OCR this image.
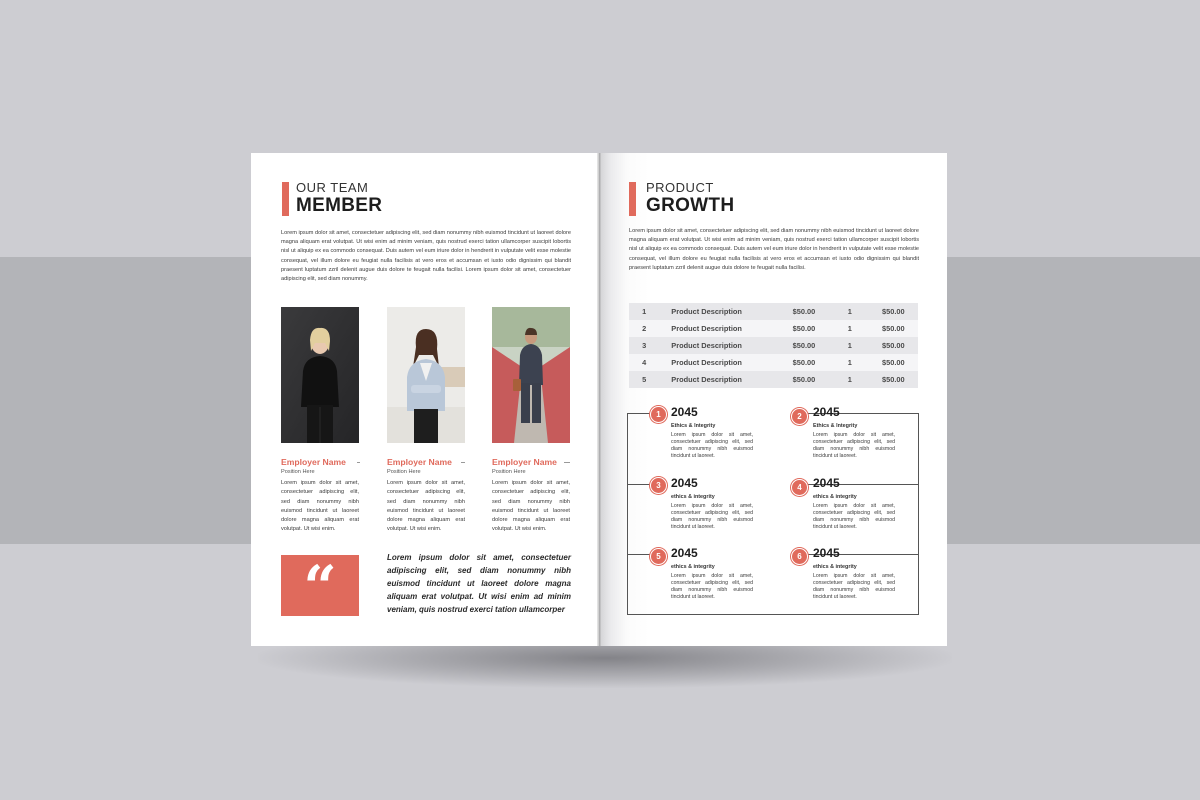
OUR TEAM
MEMBER
Lorem ipsum dolor sit amet, consectetuer adipiscing elit, sed diam nonummy nibh euismod tincidunt ut laoreet dolore magna aliquam erat volutpat. Ut wisi enim ad minim veniam, quis nostrud exerci tation ullamcorper suscipit lobortis nisl ut aliquip ex ea commodo consequat. Duis autem vel eum iriure dolor in hendrerit in vulputate velit esse molestie consequat, vel illum dolore eu feugiat nulla facilisis at vero eros et accumsan et iusto odio dignissim qui blandit praesent luptatum zzril delenit augue duis dolore te feugait nulla facilisi. Lorem ipsum dolor sit amet, consectetuer adipiscing elit, sed diam nonummy.
Employer Name
Position Here
Lorem ipsum dolor sit amet, consectetuer adipiscing elit, sed diam nonummy nibh euismod tincidunt ut laoreet dolore magna aliquam erat volutpat. Ut wisi enim.
Employer Name
Position Here
Lorem ipsum dolor sit amet, consectetuer adipiscing elit, sed diam nonummy nibh euismod tincidunt ut laoreet dolore magna aliquam erat volutpat. Ut wisi enim.
Employer Name
Position Here
Lorem ipsum dolor sit amet, consectetuer adipiscing elit, sed diam nonummy nibh euismod tincidunt ut laoreet dolore magna aliquam erat volutpat. Ut wisi enim.
“	Lorem ipsum dolor sit amet, consectetuer adipiscing elit, sed diam nonummy nibh euismod tincidunt ut laoreet dolore magna aliquam erat volutpat. Ut wisi enim ad minim veniam, quis nostrud exerci tation ullamcorper
PRODUCT
GROWTH
Lorem ipsum dolor sit amet, consectetuer adipiscing elit, sed diam nonummy nibh euismod tincidunt ut laoreet dolore magna aliquam erat volutpat. Ut wisi enim ad minim veniam, quis nostrud exerci tation ullamcorper suscipit lobortis nisl ut aliquip ex ea commodo consequat. Duis autem vel eum iriure dolor in hendrerit in vulputate velit esse molestie consequat, vel illum dolore eu feugiat nulla facilisis at vero eros et accumsan et iusto odio dignissim qui blandit praesent luptatum zzril delenit augue duis dolore te feugait nulla facilisi.
1	Product Description	$50.00	1	$50.00
2	Product Description	$50.00	1	$50.00
3	Product Description	$50.00	1	$50.00
4	Product Description	$50.00	1	$50.00
5	Product Description	$50.00	1	$50.00
1 2045
Ethics & Integrity
Lorem ipsum dolor sit amet, consectetuer adipiscing elit, sed diam nonummy nibh euismod tincidunt ut laoreet.
2 2045
Ethics & Integrity
Lorem ipsum dolor sit amet, consectetuer adipiscing elit, sed diam nonummy nibh euismod tincidunt ut laoreet.
3 2045
ethics & integrity
Lorem ipsum dolor sit amet, consectetuer adipiscing elit, sed diam nonummy nibh euismod tincidunt ut laoreet.
4 2045
ethics & integrity
Lorem ipsum dolor sit amet, consectetuer adipiscing elit, sed diam nonummy nibh euismod tincidunt ut laoreet.
5 2045
ethics & integrity
Lorem ipsum dolor sit amet, consectetuer adipiscing elit, sed diam nonummy nibh euismod tincidunt ut laoreet.
6 2045
ethics & integrity
Lorem ipsum dolor sit amet, consectetuer adipiscing elit, sed diam nonummy nibh euismod tincidunt ut laoreet.
